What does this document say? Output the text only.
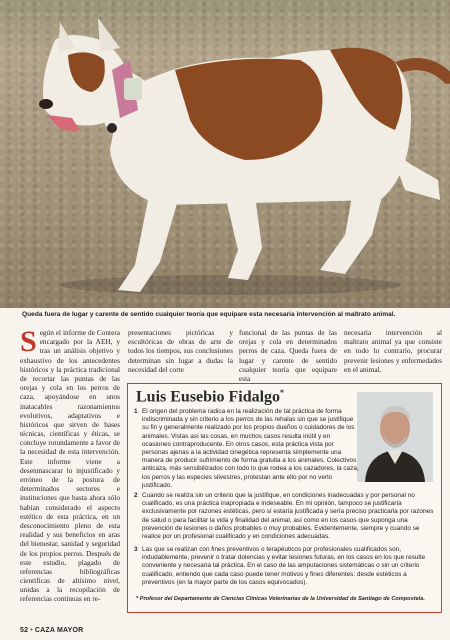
Queda fuera de lugar y carente de sentido cualquier teoría que equipare esta necesaria intervención al maltrato animal.
S egún el informe de Contera encargado por la AEH, y tras un análisis objetivo y exhaustivo de los antecedentes históricos y la práctica tradicional de recortar las puntas de las orejas y cola en los perros de caza, apoyándose en unos inatacables razonamientos evolutivos, adaptativos e históricos que sirven de bases técnicas, científicas y éticas, se concluye rotundamente a favor de la necesidad de esta intervención. Este informe viene a desenmascarar lo injustificado y erróneo de la postura de determinados sectores e instituciones que basta ahora sólo habían considerado el aspecto estético de esta práctica, en un desconocimiento pleno de esta realidad y sus beneficios en aras del bienestar, sanidad y seguridad de los propios perros. Después de este estudio, plagado de referencias bibliográficas científicas de altísimo nivel, unidas a la recopilación de referencias continuas en re-
presentaciones pictóricas y escultóricas de obras de arte de todos los tiempos, sus conclusiones determinan sin lugar a dudas la necesidad del corte
funcional de las puntas de las orejas y cola en determinados perros de caza. Queda fuera de lugar y carente de sentido cualquier teoría que equipare esta
necesaria intervención al maltrato animal ya que consiste en todo lo contrario, procurar prevenir lesiones y enfermedades en el animal.
Luis Eusebio Fidalgo*
1 El origen del problema radica en la realización de tal práctica de forma indiscriminada y sin criterio a los perros de las rehalas sin que se justifique su fin y generalmente realizado por los propios dueños o cuidadores de los animales. Vistas así las cosas, en muchos casos resulta inútil y en ocasiones contraproducente. En otros casos, esta práctica vista por personas ajenas a la actividad cinegética representa simplemente una manera de producir sufrimiento de forma gratuita a los animales. Colectivos anticaza, más sensibilizados con todo lo que rodea a los cazadores, la caza, los perros y las especies silvestres, protestan ante ello por no verlo justificado.
2 Cuando se realiza sin un criterio que la justifique, en condiciones inadecuadas y por personal no cualificado, es una práctica inapropiada e indeseable. En mi opinión, tampoco se justificaría exclusivamente por razones estéticas, pero sí estaría justificada y sería preciso practicarla por razones de salud o para facilitar la vida y finalidad del animal, así como en los casos que suponga una prevención de lesiones o daños probables o muy probables. Evidentemente, siempre y cuando se realice por un profesional cualificado y en condiciones adecuadas.
3 Las que se realizan con fines preventivos o terapéuticos por profesionales cualificados son, indudablemente, prevenir o tratar dolencias y evitar lesiones futuras, en los casos en los que resulte conveniente y necesaria tal práctica. En el caso de las amputaciones sistemáticas o sin un criterio cualificado, entiendo que cada caso puede tener motivos y fines diferentes: desde estéticos a preventivos (en la mayor parte de los casos equivocados).
* Profesor del Departamento de Ciencias Clínicas Veterinarias de la Universidad de Santiago de Compostela.
52 • CAZA MAYOR
